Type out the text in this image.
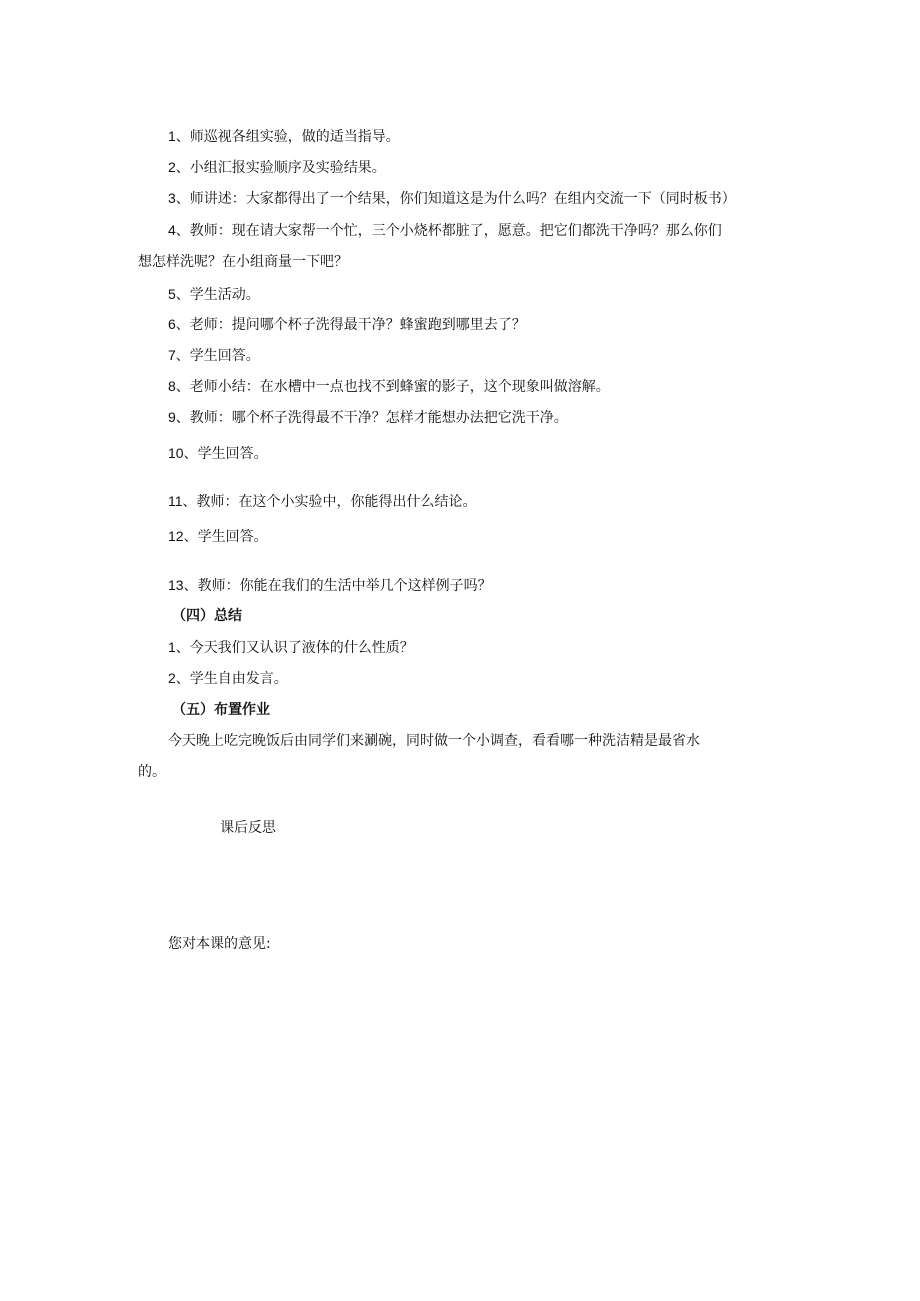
1、师巡视各组实验，做的适当指导。
2、小组汇报实验顺序及实验结果。
3、师讲述：大家都得出了一个结果，你们知道这是为什么吗？在组内交流一下（同时板书）
4、教师：现在请大家帮一个忙，三个小烧杯都脏了，愿意。把它们都洗干净吗？那么你们
想怎样洗呢？在小组商量一下吧？
5、学生活动。
6、老师：提问哪个杯子洗得最干净？蜂蜜跑到哪里去了？
7、学生回答。
8、老师小结：在水槽中一点也找不到蜂蜜的影子，这个现象叫做溶解。
9、教师：哪个杯子洗得最不干净？怎样才能想办法把它洗干净。
10、学生回答。
11、教师：在这个小实验中，你能得出什么结论。
12、学生回答。
13、教师：你能在我们的生活中举几个这样例子吗？
（四）总结
1、今天我们又认识了液体的什么性质？
2、学生自由发言。
（五）布置作业
今天晚上吃完晚饭后由同学们来涮碗，同时做一个小调查，看看哪一种洗洁精是最省水
的。
课后反思
您对本课的意见:
